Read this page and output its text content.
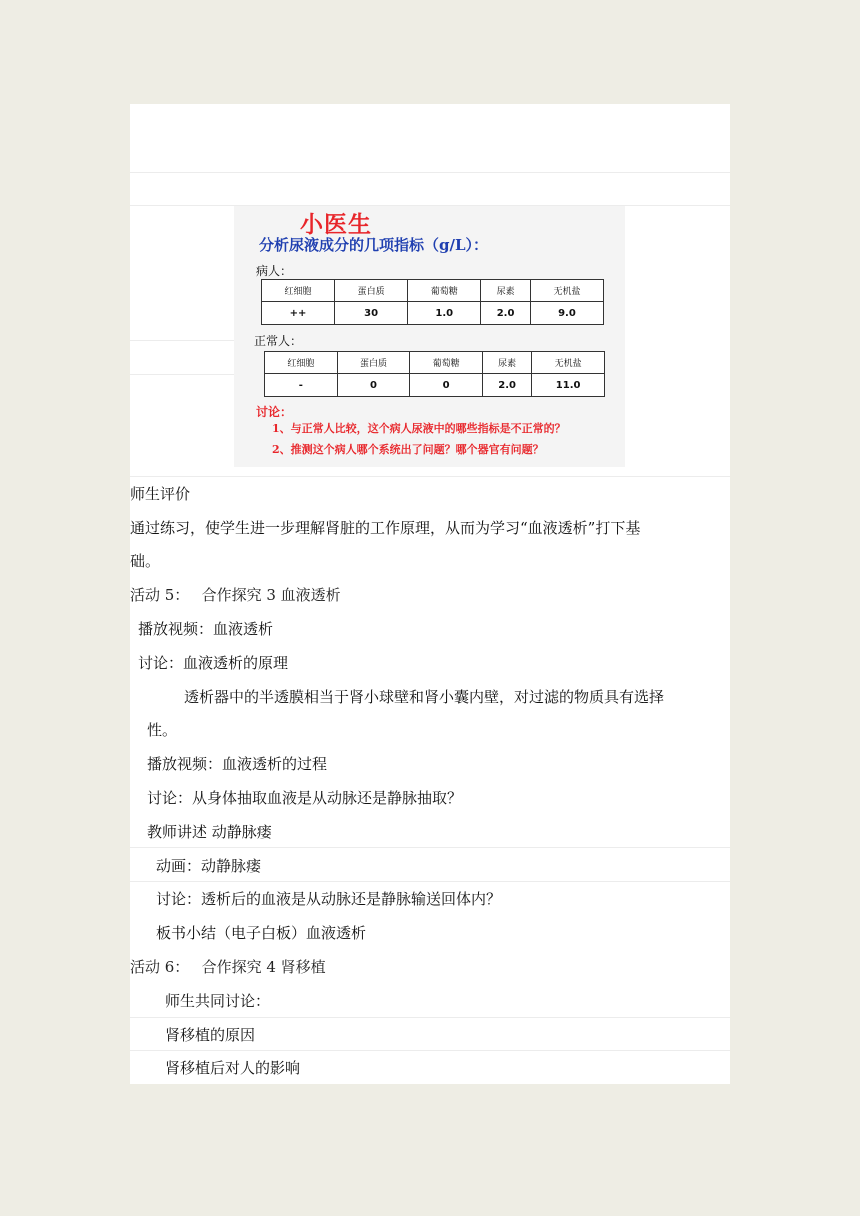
小医生
分析尿液成分的几项指标（g/L）：
病人：
红细胞	蛋白质	葡萄糖	尿素	无机盐
++	30	1.0	2.0	9.0
正常人：
红细胞	蛋白质	葡萄糖	尿素	无机盐
-	0	0	2.0	11.0
讨论：
1、与正常人比较，这个病人尿液中的哪些指标是不正常的？
2、推测这个病人哪个系统出了问题？哪个器官有问题？
师生评价
通过练习，使学生进一步理解肾脏的工作原理，从而为学习“血液透析”打下基
础。
活动 5：　 合作探究 3 血液透析
播放视频：血液透析
讨论：血液透析的原理
透析器中的半透膜相当于肾小球壁和肾小囊内壁，对过滤的物质具有选择
性。
播放视频：血液透析的过程
讨论：从身体抽取血液是从动脉还是静脉抽取？
教师讲述 动静脉瘘
动画：动静脉瘘
讨论：透析后的血液是从动脉还是静脉输送回体内？
板书小结（电子白板）血液透析
活动 6：　 合作探究 4 肾移植
师生共同讨论：
肾移植的原因
肾移植后对人的影响
